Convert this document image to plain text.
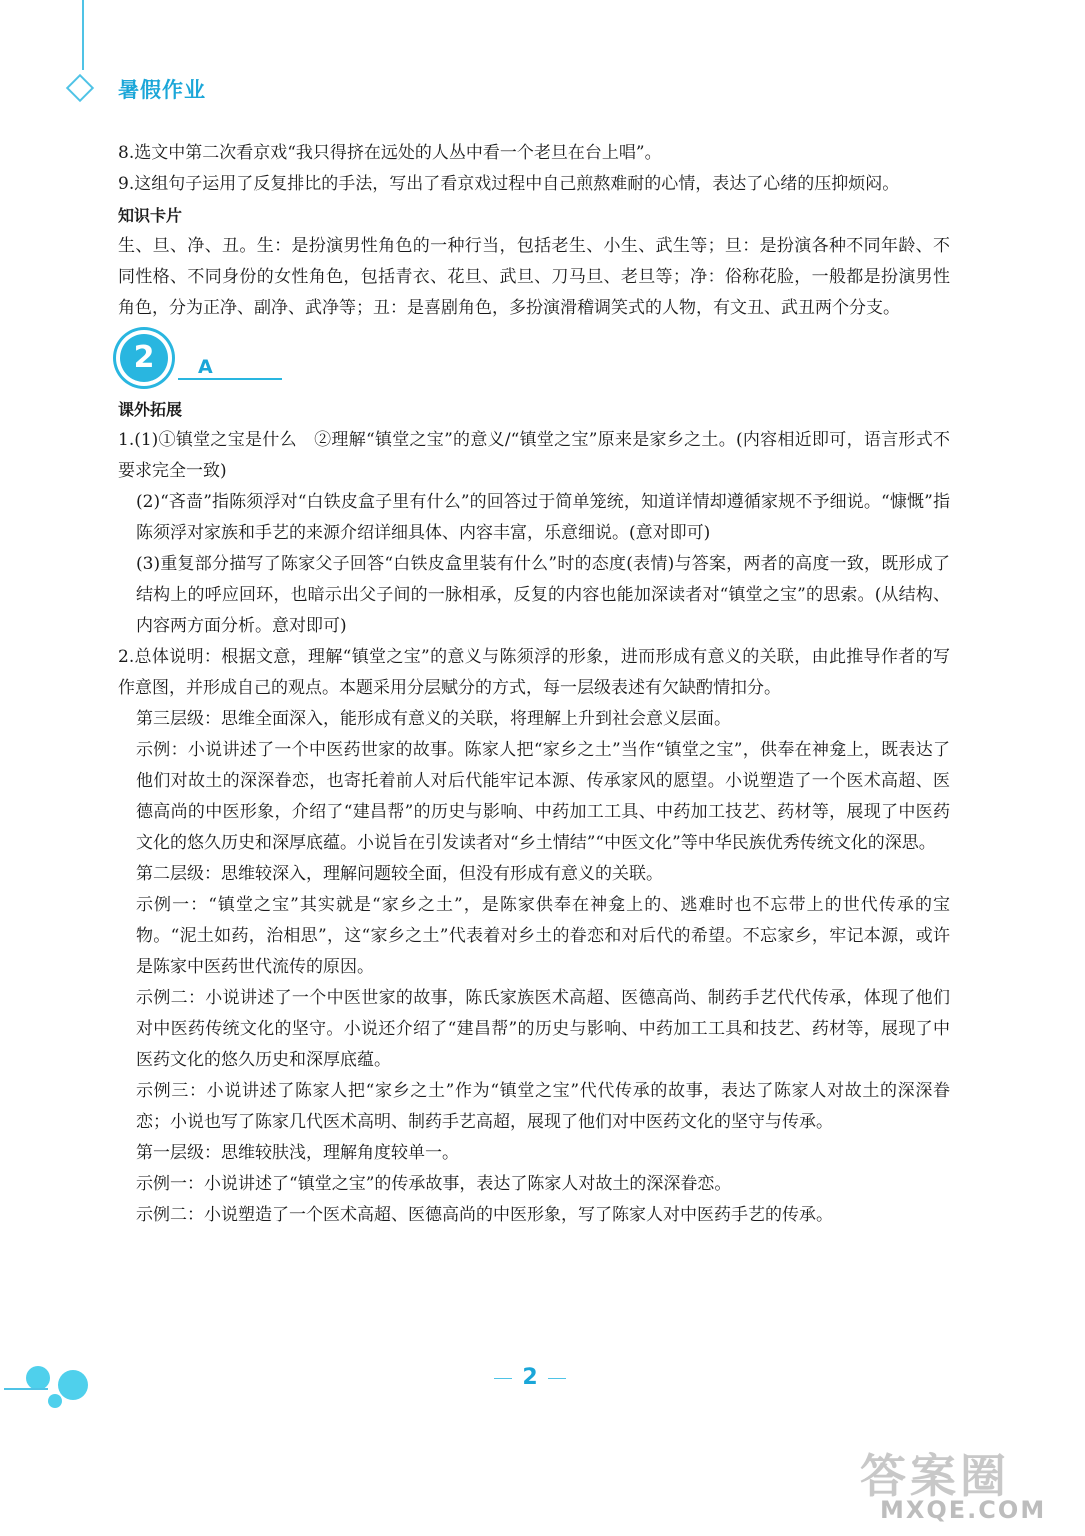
暑假作业

8.选文中第二次看京戏“我只得挤在远处的人丛中看一个老旦在台上唱”。

9.这组句子运用了反复排比的手法，写出了看京戏过程中自己煎熬难耐的心情，表达了心绪的压抑烦闷。

知识卡片

生、旦、净、丑。生：是扮演男性角色的一种行当，包括老生、小生、武生等；旦：是扮演各种不同年龄、不同性格、不同身份的女性角色，包括青衣、花旦、武旦、刀马旦、老旦等；净：俗称花脸，一般都是扮演男性角色，分为正净、副净、武净等；丑：是喜剧角色，多扮演滑稽调笑式的人物，有文丑、武丑两个分支。

2	A

课外拓展

1.(1)①镇堂之宝是什么　②理解“镇堂之宝”的意义/“镇堂之宝”原来是家乡之土。(内容相近即可，语言形式不要求完全一致)

(2)“吝啬”指陈须浮对“白铁皮盒子里有什么”的回答过于简单笼统，知道详情却遵循家规不予细说。“慷慨”指陈须浮对家族和手艺的来源介绍详细具体、内容丰富，乐意细说。(意对即可)

(3)重复部分描写了陈家父子回答“白铁皮盒里装有什么”时的态度(表情)与答案，两者的高度一致，既形成了结构上的呼应回环，也暗示出父子间的一脉相承，反复的内容也能加深读者对“镇堂之宝”的思索。(从结构、内容两方面分析。意对即可)

2.总体说明：根据文意，理解“镇堂之宝”的意义与陈须浮的形象，进而形成有意义的关联，由此推导作者的写作意图，并形成自己的观点。本题采用分层赋分的方式，每一层级表述有欠缺酌情扣分。

第三层级：思维全面深入，能形成有意义的关联，将理解上升到社会意义层面。

示例：小说讲述了一个中医药世家的故事。陈家人把“家乡之土”当作“镇堂之宝”，供奉在神龛上，既表达了他们对故土的深深眷恋，也寄托着前人对后代能牢记本源、传承家风的愿望。小说塑造了一个医术高超、医德高尚的中医形象，介绍了“建昌帮”的历史与影响、中药加工工具、中药加工技艺、药材等，展现了中医药文化的悠久历史和深厚底蕴。小说旨在引发读者对“乡土情结”“中医文化”等中华民族优秀传统文化的深思。

第二层级：思维较深入，理解问题较全面，但没有形成有意义的关联。

示例一：“镇堂之宝”其实就是“家乡之土”，是陈家供奉在神龛上的、逃难时也不忘带上的世代传承的宝物。“泥土如药，治相思”，这“家乡之土”代表着对乡土的眷恋和对后代的希望。不忘家乡，牢记本源，或许是陈家中医药世代流传的原因。

示例二：小说讲述了一个中医世家的故事，陈氏家族医术高超、医德高尚、制药手艺代代传承，体现了他们对中医药传统文化的坚守。小说还介绍了“建昌帮”的历史与影响、中药加工工具和技艺、药材等，展现了中医药文化的悠久历史和深厚底蕴。

示例三：小说讲述了陈家人把“家乡之土”作为“镇堂之宝”代代传承的故事，表达了陈家人对故土的深深眷恋；小说也写了陈家几代医术高明、制药手艺高超，展现了他们对中医药文化的坚守与传承。

第一层级：思维较肤浅，理解角度较单一。

示例一：小说讲述了“镇堂之宝”的传承故事，表达了陈家人对故土的深深眷恋。

示例二：小说塑造了一个医术高超、医德高尚的中医形象，写了陈家人对中医药手艺的传承。

2
答案圈
MXQE.COM
